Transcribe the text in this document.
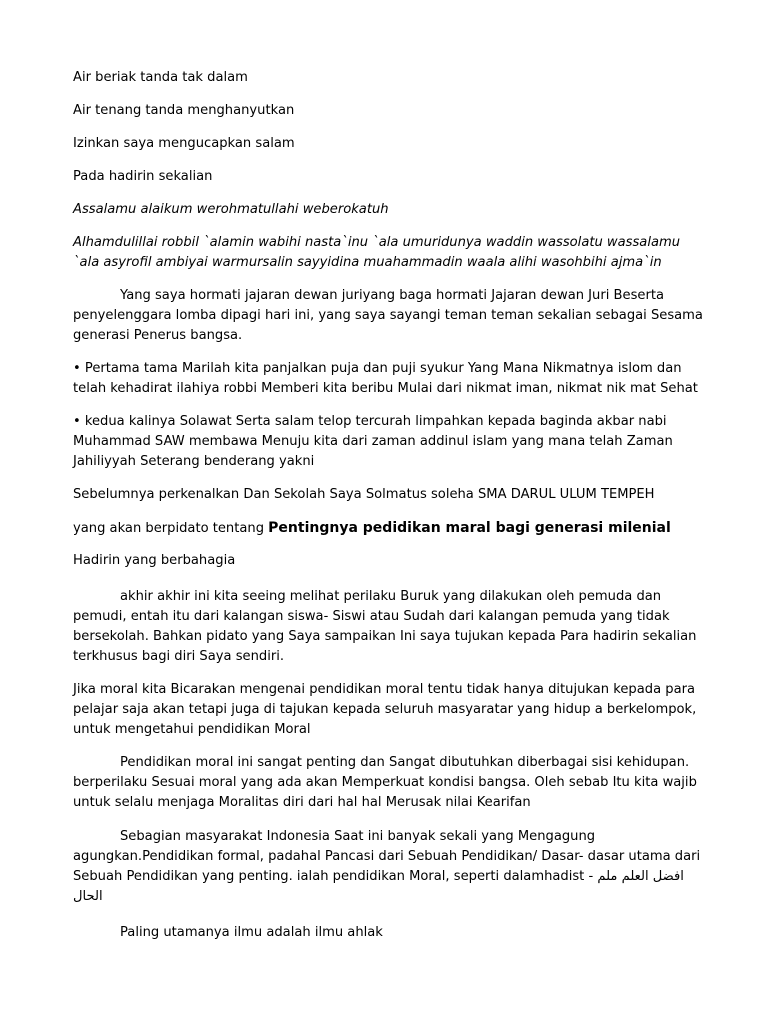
Air beriak tanda tak dalam

Air tenang tanda menghanyutkan

Izinkan saya mengucapkan salam

Pada hadirin sekalian

Assalamu alaikum werohmatullahi weberokatuh

Alhamdulillai robbil `alamin wabihi nasta`inu `ala umuridunya waddin wassolatu wassalamu `ala asyrofil ambiyai warmursalin sayyidina muahammadin waala alihi wasohbihi ajma`in

Yang saya hormati jajaran dewan juriyang baga hormati Jajaran dewan Juri Beserta penyelenggara lomba dipagi hari ini, yang saya sayangi teman teman sekalian sebagai Sesama generasi Penerus bangsa.

• Pertama tama Marilah kita panjalkan puja dan puji syukur Yang Mana Nikmatnya islom dan telah kehadirat ilahiya robbi Memberi kita beribu Mulai dari nikmat iman, nikmat nik mat Sehat

• kedua kalinya Solawat Serta salam telop tercurah limpahkan kepada baginda akbar nabi Muhammad SAW membawa Menuju kita dari zaman addinul islam yang mana telah Zaman Jahiliyyah Seterang benderang yakni

Sebelumnya perkenalkan Dan Sekolah Saya Solmatus soleha SMA DARUL ULUM TEMPEH

yang akan berpidato tentang Pentingnya pedidikan maral bagi generasi milenial

Hadirin yang berbahagia

akhir akhir ini kita seeing melihat perilaku Buruk yang dilakukan oleh pemuda dan pemudi, entah itu dari kalangan siswa- Siswi atau Sudah dari kalangan pemuda yang tidak bersekolah. Bahkan pidato yang Saya sampaikan Ini saya tujukan kepada Para hadirin sekalian terkhusus bagi diri Saya sendiri.

Jika moral kita Bicarakan mengenai pendidikan moral tentu tidak hanya ditujukan kepada para pelajar saja akan tetapi juga di tajukan kepada seluruh masyaratar yang hidup a berkelompok, untuk mengetahui pendidikan Moral

Pendidikan moral ini sangat penting dan Sangat dibutuhkan diberbagai sisi kehidupan. berperilaku Sesuai moral yang ada akan Memperkuat kondisi bangsa. Oleh sebab Itu kita wajib untuk selalu menjaga Moralitas diri dari hal hal Merusak nilai Kearifan

Sebagian masyarakat Indonesia Saat ini banyak sekali yang Mengagung agungkan.Pendidikan formal, padahal Pancasi dari Sebuah Pendidikan/ Dasar- dasar utama dari Sebuah Pendidikan yang penting. ialah pendidikan Moral, seperti dalamhadist - افضل العلم ملم الحال

Paling utamanya ilmu adalah ilmu ahlak
